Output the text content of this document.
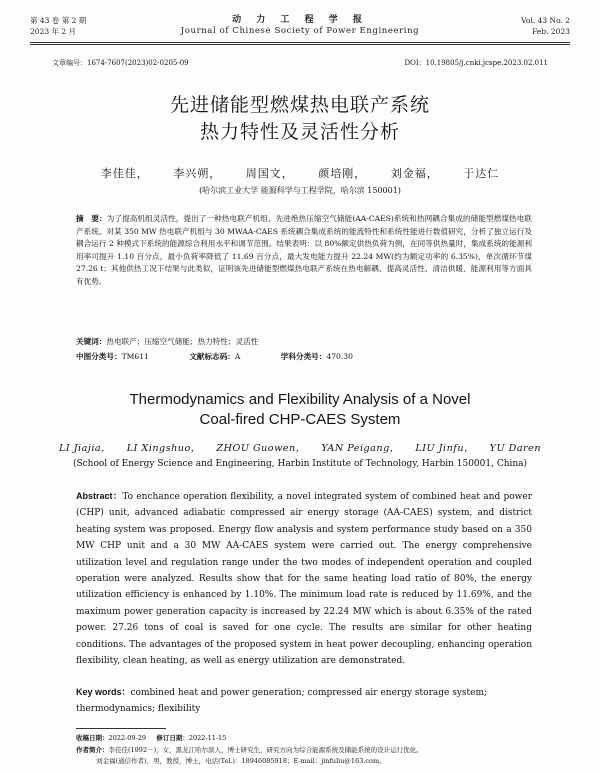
第 43 卷 第 2 期
2023 年 2 月
动 力 工 程 学 报
Journal of Chinese Society of Power Engineering
Vol. 43 No. 2
Feb. 2023
文章编号：1674-7607(2023)02-0205-09	DOI：10.19805/j.cnki.jcspe.2023.02.011
先进储能型燃煤热电联产系统
热力特性及灵活性分析
李佳佳， 李兴朔， 周国文， 颜培刚， 刘金福， 于达仁
(哈尔滨工业大学 能源科学与工程学院，哈尔滨 150001)
摘　要：为了提高机组灵活性，提出了一种热电联产机组、先进绝热压缩空气储能(AA-CAES)系统和热网耦合集成的储能型燃煤热电联产系统。对某 350 MW 热电联产机组与 30 MWAA-CAES 系统耦合集成系统的能流特性和系统性能进行数值研究，分析了独立运行及耦合运行 2 种模式下系统的能源综合利用水平和调节范围。结果表明：以 80%额定供热负荷为例，在同等供热量时，集成系统的能源利用率可提升 1.10 百分点，最小负荷率降低了 11.69 百分点，最大发电能力提升 22.24 MW(约为额定功率的 6.35%)，单次循环节煤 27.26 t；其他供热工况下结果与此类似，证明该先进储能型燃煤热电联产系统在热电解耦、提高灵活性、清洁供暖、能源利用等方面具有优势。
关键词：热电联产；压缩空气储能；热力特性；灵活性
中图分类号：TM611	文献标志码：A	学科分类号：470.30
Thermodynamics and Flexibility Analysis of a Novel
Coal-fired CHP-CAES System
LI Jiajia， LI Xingshuo， ZHOU Guowen， YAN Peigang， LIU Jinfu， YU Daren
(School of Energy Science and Engineering, Harbin Institute of Technology, Harbin 150001, China)
Abstract：To enchance operation flexibility, a novel integrated system of combined heat and power (CHP) unit, advanced adiabatic compressed air energy storage (AA-CAES) system, and district heating system was proposed. Energy flow analysis and system performance study based on a 350 MW CHP unit and a 30 MW AA-CAES system were carried out. The energy comprehensive utilization level and regulation range under the two modes of independent operation and coupled operation were analyzed. Results show that for the same heating load ratio of 80%, the energy utilization efficiency is enhanced by 1.10%. The minimum load rate is reduced by 11.69%, and the maximum power generation capacity is increased by 22.24 MW which is about 6.35% of the rated power. 27.26 tons of coal is saved for one cycle. The results are similar for other heating conditions. The advantages of the proposed system in heat power decoupling, enhancing operation flexibility, clean heating, as well as energy utilization are demonstrated.
Key words：combined heat and power generation; compressed air energy storage system; thermodynamics; flexibility
收稿日期：2022-09-29 修订日期：2022-11-15
作者简介：李佳佳(1992－)，女，黑龙江哈尔滨人，博士研究生，研究方向为综合能源系统及储能系统的设计运行优化。
刘金福(通信作者)，男，教授，博士，电话(Tel.)：18946085918；E-mail：jinfuliu@163.com。
